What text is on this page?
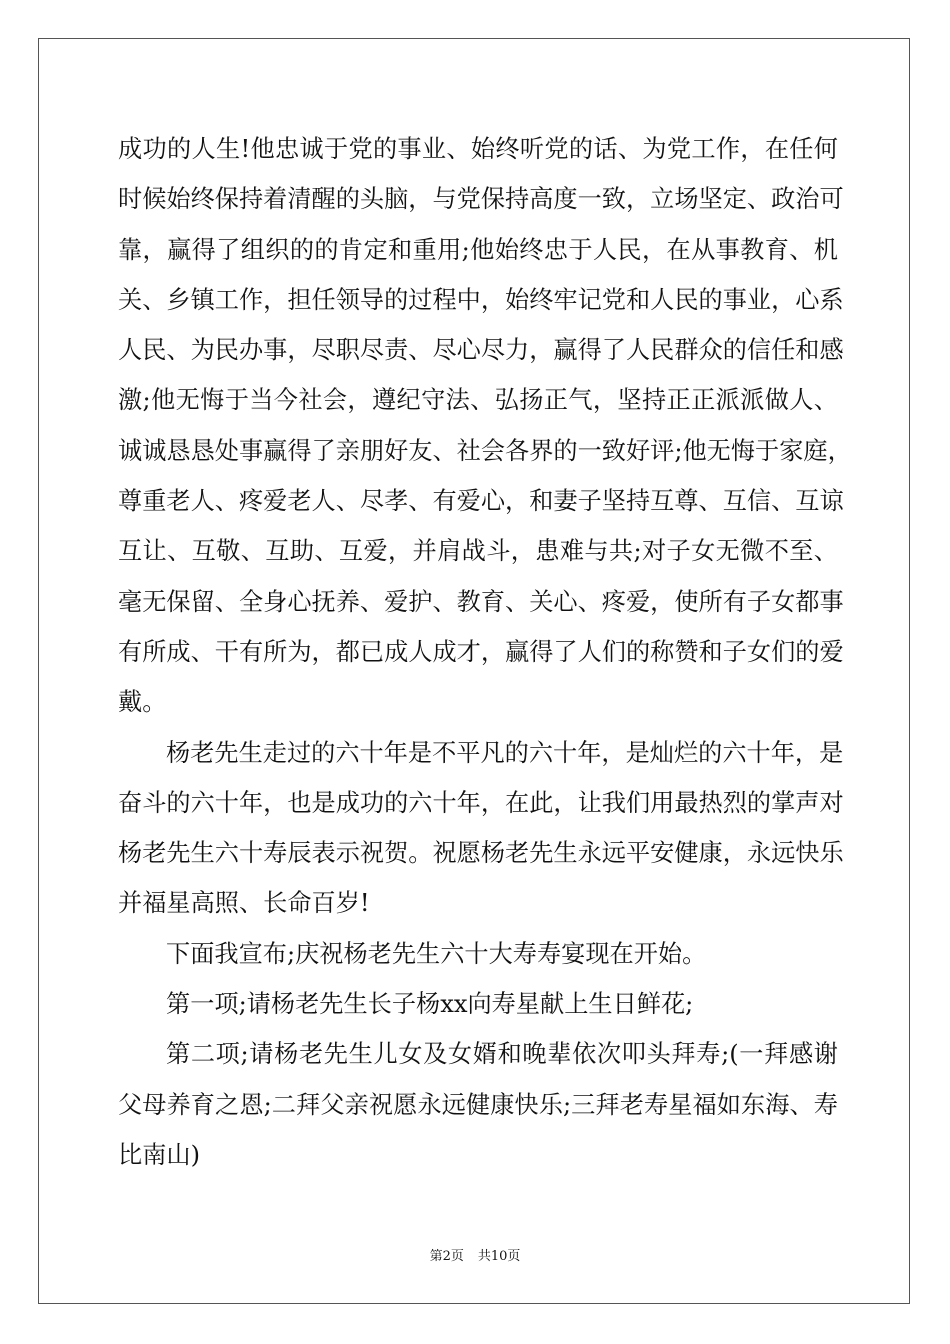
成功的人生!他忠诚于党的事业、始终听党的话、为党工作，在任何
时候始终保持着清醒的头脑，与党保持高度一致，立场坚定、政治可
靠，赢得了组织的的肯定和重用;他始终忠于人民，在从事教育、机
关、乡镇工作，担任领导的过程中，始终牢记党和人民的事业，心系
人民、为民办事，尽职尽责、尽心尽力，赢得了人民群众的信任和感
激;他无悔于当今社会，遵纪守法、弘扬正气，坚持正正派派做人、
诚诚恳恳处事赢得了亲朋好友、社会各界的一致好评;他无悔于家庭，
尊重老人、疼爱老人、尽孝、有爱心，和妻子坚持互尊、互信、互谅
互让、互敬、互助、互爱，并肩战斗，患难与共;对子女无微不至、
毫无保留、全身心抚养、爱护、教育、关心、疼爱，使所有子女都事
有所成、干有所为，都已成人成才，赢得了人们的称赞和子女们的爱
戴。
杨老先生走过的六十年是不平凡的六十年，是灿烂的六十年，是
奋斗的六十年，也是成功的六十年，在此，让我们用最热烈的掌声对
杨老先生六十寿辰表示祝贺。祝愿杨老先生永远平安健康，永远快乐
并福星高照、长命百岁!
下面我宣布;庆祝杨老先生六十大寿寿宴现在开始。
第一项;请杨老先生长子杨xx向寿星献上生日鲜花;
第二项;请杨老先生儿女及女婿和晚辈依次叩头拜寿;(一拜感谢
父母养育之恩;二拜父亲祝愿永远健康快乐;三拜老寿星福如东海、寿
比南山)
第2页 共10页
